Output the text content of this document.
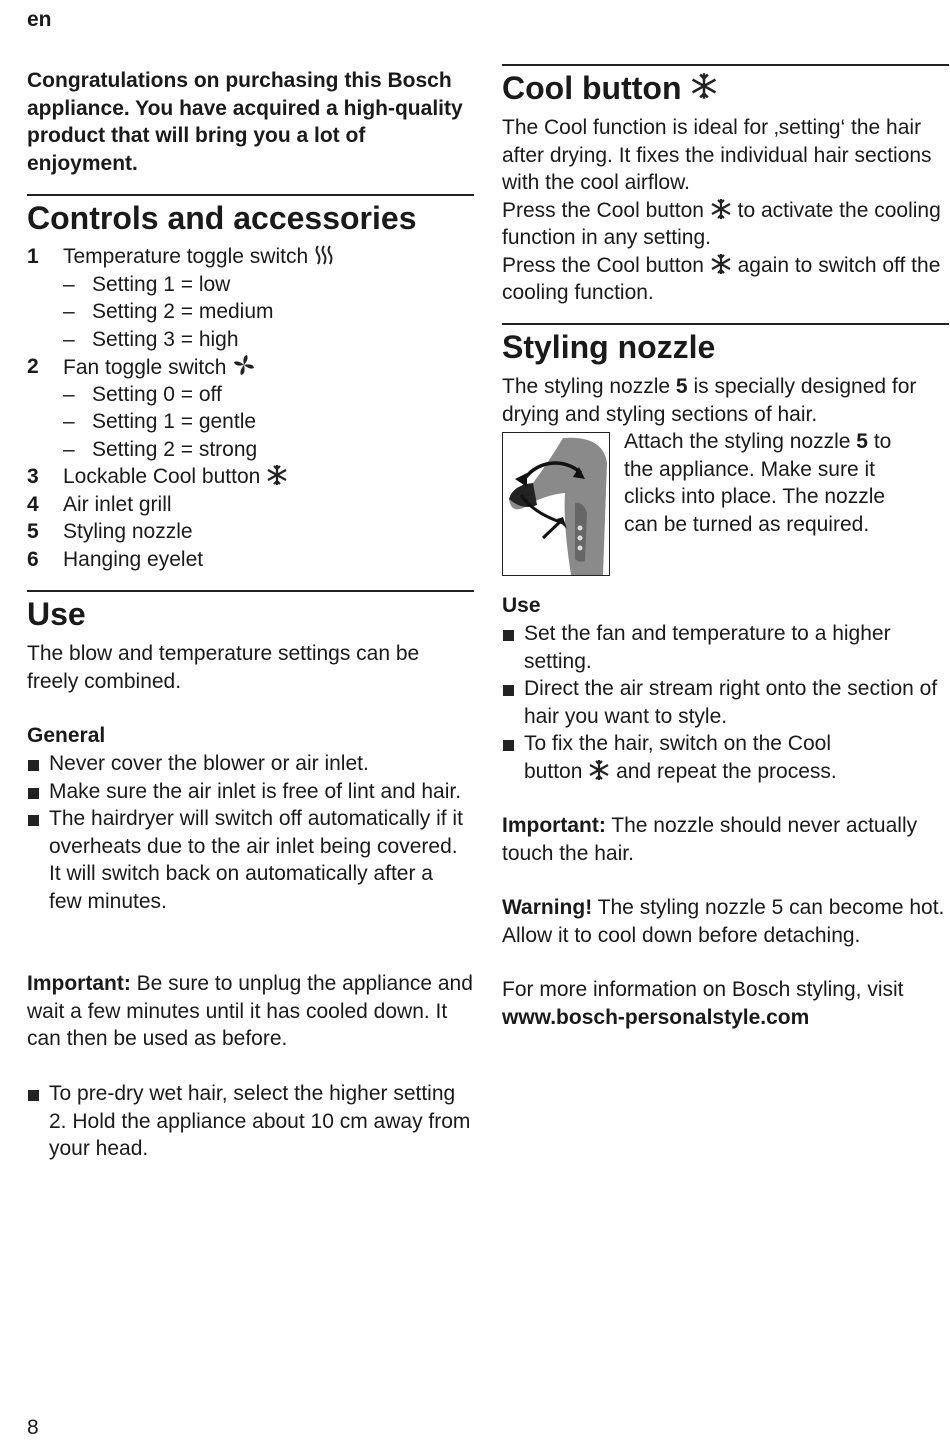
en

Congratulations on purchasing this Bosch appliance. You have acquired a high-quality product that will bring you a lot of enjoyment.

Controls and accessories
1 Temperature toggle switch
– Setting 1 = low
– Setting 2 = medium
– Setting 3 = high
2 Fan toggle switch
– Setting 0 = off
– Setting 1 = gentle
– Setting 2 = strong
3 Lockable Cool button
4 Air inlet grill
5 Styling nozzle
6 Hanging eyelet
Use

The blow and temperature settings can be freely combined.

General
Never cover the blower or air inlet.
Make sure the air inlet is free of lint and hair.
The hairdryer will switch off automatically if it overheats due to the air inlet being covered. It will switch back on automatically after a few minutes.

Important: Be sure to unplug the appliance and wait a few minutes until it has cooled down. It can then be used as before.

To pre-dry wet hair, select the higher setting 2. Hold the appliance about 10 cm away from your head.
Cool button

The Cool function is ideal for ‚setting‘ the hair after drying. It fixes the individual hair sections with the cool airflow.
Press the Cool button  to activate the cooling function in any setting.
Press the Cool button  again to switch off the cooling function.

Styling nozzle

The styling nozzle 5 is specially designed for drying and styling sections of hair.

Attach the styling nozzle 5 to the appliance. Make sure it clicks into place. The nozzle can be turned as required.

Use
Set the fan and temperature to a higher setting.
Direct the air stream right onto the section of hair you want to style.
To fix the hair, switch on the Cool button  and repeat the process.

Important: The nozzle should never actually touch the hair.

Warning! The styling nozzle 5 can become hot. Allow it to cool down before detaching.

For more information on Bosch styling, visit
www.bosch-personalstyle.com

8
